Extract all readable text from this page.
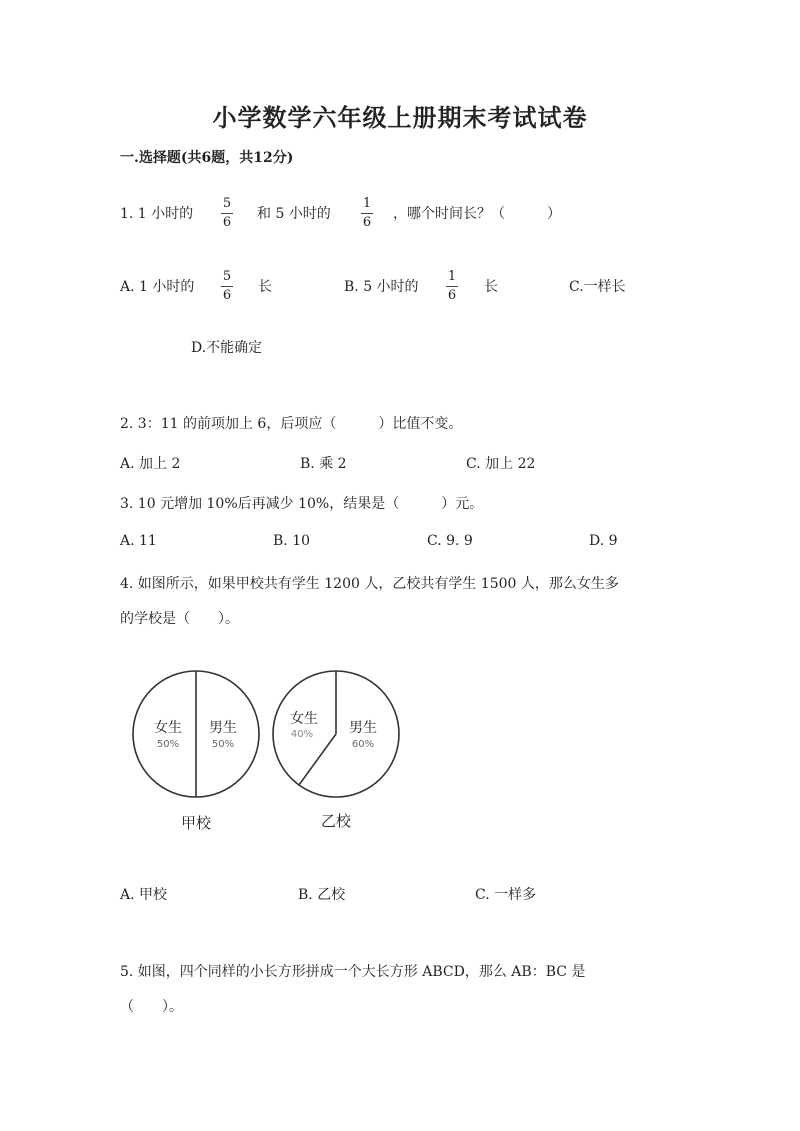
小学数学六年级上册期末考试试卷
一.选择题(共6题，共12分)
1. 1 小时的
5
6
和 5 小时的
1
6
，哪个时间长？（　　　）
A. 1 小时的
5
6
长	B. 5 小时的
1
6
长	C.一样长
D.不能确定
2. 3：11 的前项加上 6，后项应（　　　）比值不变。
A. 加上 2	B. 乘 2	C. 加上 22
3. 10 元增加 10%后再减少 10%，结果是（　　　）元。
A. 11	B. 10	C. 9. 9	D. 9
4. 如图所示，如果甲校共有学生 1200 人，乙校共有学生 1500 人，那么女生多
的学校是（　　）。
女生
50%
男生
50%
甲校
女生
40%	男生
60%
乙校
A. 甲校	B. 乙校	C. 一样多
5. 如图，四个同样的小长方形拼成一个大长方形 ABCD，那么 AB：BC 是
（　　）。
